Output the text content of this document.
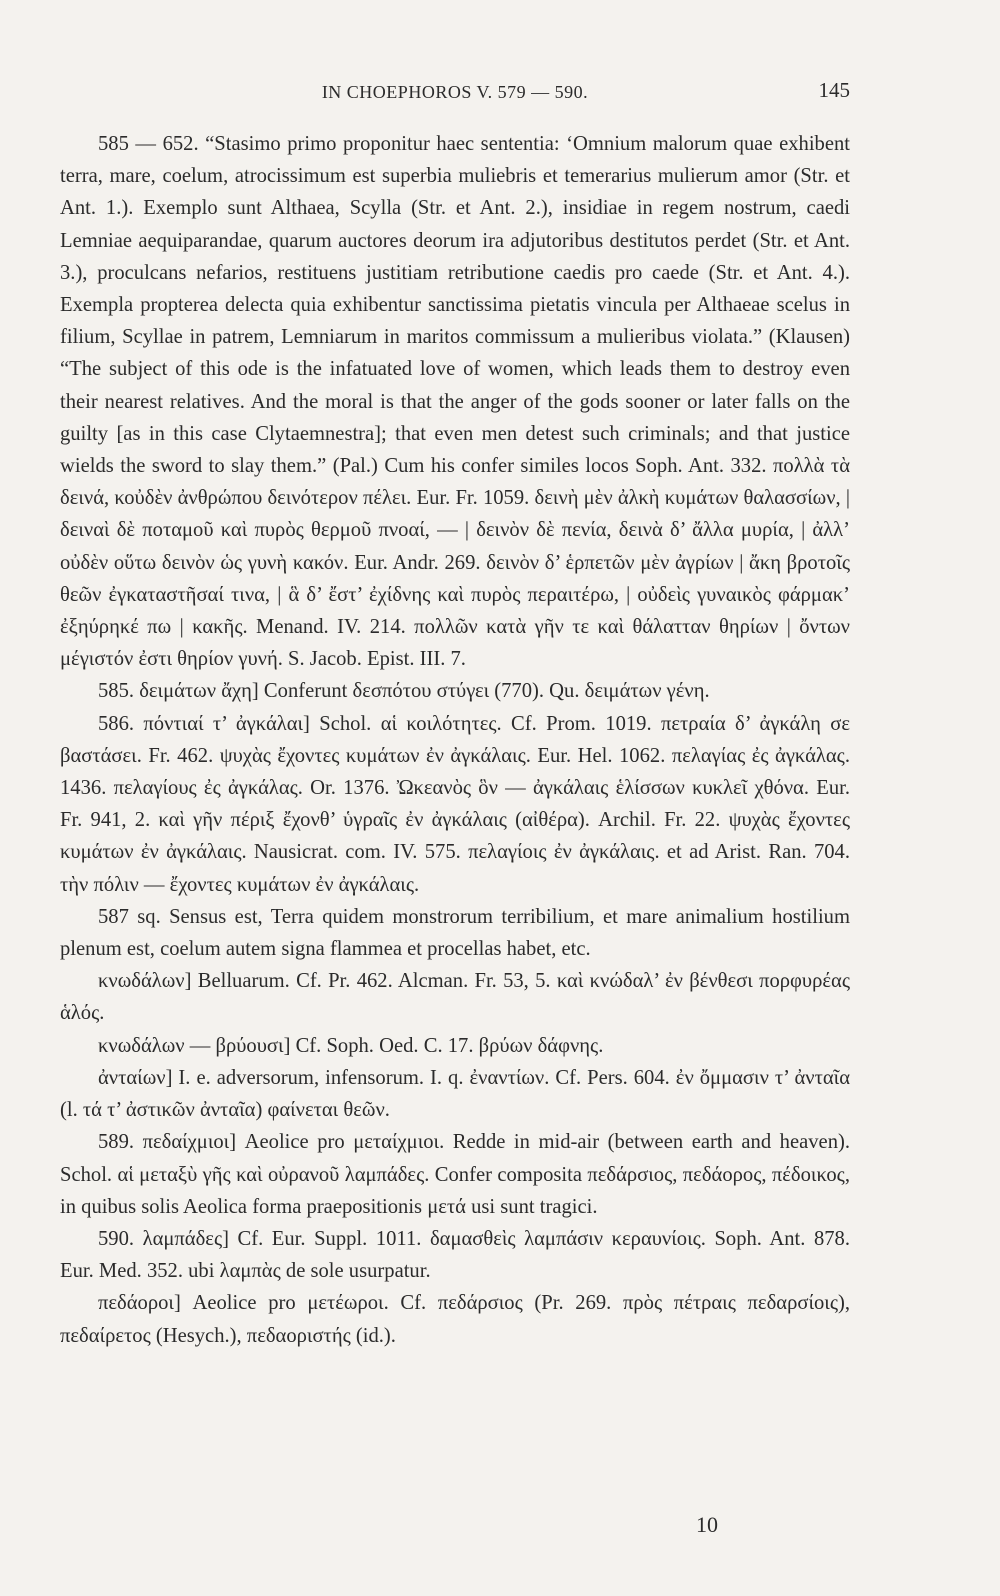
IN CHOEPHOROS V. 579 — 590.	145

585 — 652. “Stasimo primo proponitur haec sententia: ‘Omnium malorum quae exhibent terra, mare, coelum, atrocissimum est superbia muliebris et temerarius mulierum amor (Str. et Ant. 1.). Exemplo sunt Althaea, Scylla (Str. et Ant. 2.), insidiae in regem nostrum, caedi Lemniae aequiparandae, quarum auctores deorum ira adjutoribus destitutos perdet (Str. et Ant. 3.), proculcans nefarios, restituens justitiam retributione caedis pro caede (Str. et Ant. 4.). Exempla propterea delecta quia exhibentur sanctissima pietatis vincula per Althaeae scelus in filium, Scyllae in patrem, Lemniarum in maritos commissum a mulieribus violata.” (Klausen) “The subject of this ode is the infatuated love of women, which leads them to destroy even their nearest relatives. And the moral is that the anger of the gods sooner or later falls on the guilty [as in this case Clytaemnestra]; that even men detest such criminals; and that justice wields the sword to slay them.” (Pal.) Cum his confer similes locos Soph. Ant. 332. πολλὰ τὰ δεινά, κοὐδὲν ἀνθρώπου δεινότερον πέλει. Eur. Fr. 1059. δεινὴ μὲν ἀλκὴ κυμάτων θαλασσίων, | δειναὶ δὲ ποταμοῦ καὶ πυρὸς θερμοῦ πνοαί, — | δεινὸν δὲ πενία, δεινὰ δ’ ἄλλα μυρία, | ἀλλ’ οὐδὲν οὕτω δεινὸν ὡς γυνὴ κακόν. Eur. Andr. 269. δεινὸν δ’ ἑρπετῶν μὲν ἀγρίων | ἄκη βροτοῖς θεῶν ἐγκαταστῆσαί τινα, | ἃ δ’ ἔστ’ ἐχίδνης καὶ πυρὸς περαιτέρω, | οὐδεὶς γυναικὸς φάρμακ’ ἐξηύρηκέ πω | κακῆς. Menand. IV. 214. πολλῶν κατὰ γῆν τε καὶ θάλατταν θηρίων | ὄντων μέγιστόν ἐστι θηρίον γυνή. S. Jacob. Epist. III. 7.

585. δειμάτων ἄχη] Conferunt δεσπότου στύγει (770). Qu. δειμάτων γένη.

586. πόντιαί τ’ ἀγκάλαι] Schol. αἱ κοιλότητες. Cf. Prom. 1019. πετραία δ’ ἀγκάλη σε βαστάσει. Fr. 462. ψυχὰς ἔχοντες κυμάτων ἐν ἀγκάλαις. Eur. Hel. 1062. πελαγίας ἐς ἀγκάλας. 1436. πελαγίους ἐς ἀγκάλας. Or. 1376. Ὠκεανὸς ὃν — ἀγκάλαις ἑλίσσων κυκλεῖ χθόνα. Eur. Fr. 941, 2. καὶ γῆν πέριξ ἔχονθ’ ὑγραῖς ἐν ἀγκάλαις (αἰθέρα). Archil. Fr. 22. ψυχὰς ἔχοντες κυμάτων ἐν ἀγκάλαις. Nausicrat. com. IV. 575. πελαγίοις ἐν ἀγκάλαις. et ad Arist. Ran. 704. τὴν πόλιν — ἔχοντες κυμάτων ἐν ἀγκάλαις.

587 sq. Sensus est, Terra quidem monstrorum terribilium, et mare animalium hostilium plenum est, coelum autem signa flammea et procellas habet, etc.

κνωδάλων] Belluarum. Cf. Pr. 462. Alcman. Fr. 53, 5. καὶ κνώδαλ’ ἐν βένθεσι πορφυρέας ἁλός.

κνωδάλων — βρύουσι] Cf. Soph. Oed. C. 17. βρύων δάφνης.

ἀνταίων] I. e. adversorum, infensorum. I. q. ἐναντίων. Cf. Pers. 604. ἐν ὄμμασιν τ’ ἀνταῖα (l. τά τ’ ἀστικῶν ἀνταῖα) φαίνεται θεῶν.

589. πεδαίχμιοι] Aeolice pro μεταίχμιοι. Redde in mid-air (between earth and heaven). Schol. αἱ μεταξὺ γῆς καὶ οὐρανοῦ λαμπάδες. Confer composita πεδάρσιος, πεδάορος, πέδοικος, in quibus solis Aeolica forma praepositionis μετά usi sunt tragici.

590. λαμπάδες] Cf. Eur. Suppl. 1011. δαμασθεὶς λαμπάσιν κεραυνίοις. Soph. Ant. 878. Eur. Med. 352. ubi λαμπὰς de sole usurpatur.

πεδάοροι] Aeolice pro μετέωροι. Cf. πεδάρσιος (Pr. 269. πρὸς πέτραις πεδαρσίοις), πεδαίρετος (Hesych.), πεδαοριστής (id.).

10
